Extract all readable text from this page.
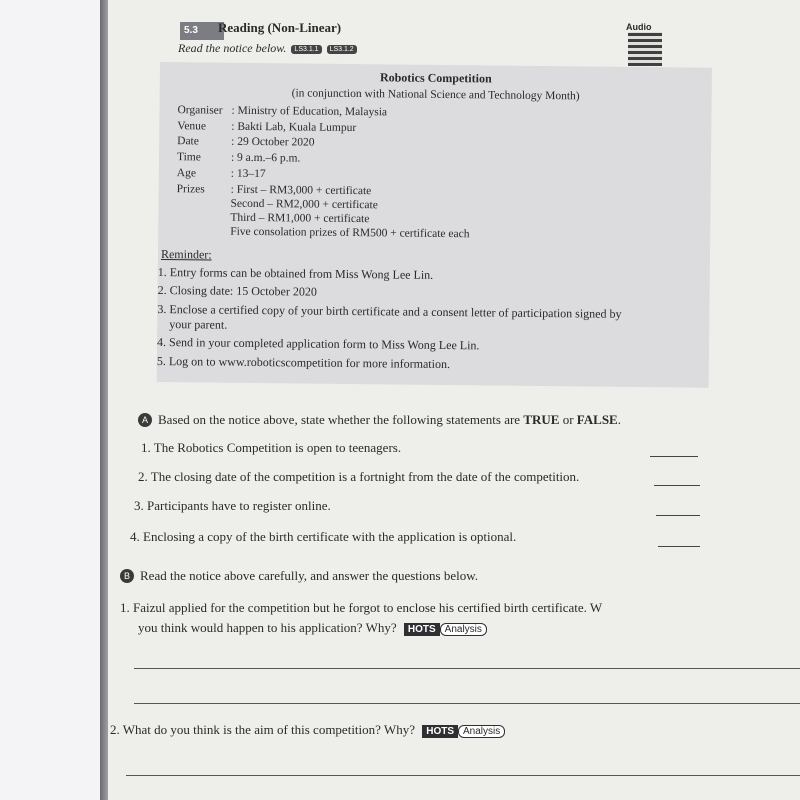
5.3	Reading (Non-Linear)
Read the notice below. LS3.1.1 LS3.1.2
Audio
Robotics Competition
(in conjunction with National Science and Technology Month)
Organiser : Ministry of Education, Malaysia
Venue : Bakti Lab, Kuala Lumpur
Date	: 29 October 2020
Time	: 9 a.m.–6 p.m.
Age	: 13–17
Prizes : First – RM3,000 + certificate
Second – RM2,000 + certificate
Third – RM1,000 + certificate
Five consolation prizes of RM500 + certificate each
Reminder:
1. Entry forms can be obtained from Miss Wong Lee Lin.
2. Closing date: 15 October 2020
3. Enclose a certified copy of your birth certificate and a consent letter of participation signed by
your parent.
4. Send in your completed application form to Miss Wong Lee Lin.
5. Log on to www.roboticscompetition for more information.
A Based on the notice above, state whether the following statements are TRUE or FALSE.
1. The Robotics Competition is open to teenagers.
2. The closing date of the competition is a fortnight from the date of the competition.
3. Participants have to register online.
4. Enclosing a copy of the birth certificate with the application is optional.
B Read the notice above carefully, and answer the questions below.
1. Faizul applied for the competition but he forgot to enclose his certified birth certificate. W
you think would happen to his application? Why? HOTS Analysis
2. What do you think is the aim of this competition? Why? HOTS Analysis
